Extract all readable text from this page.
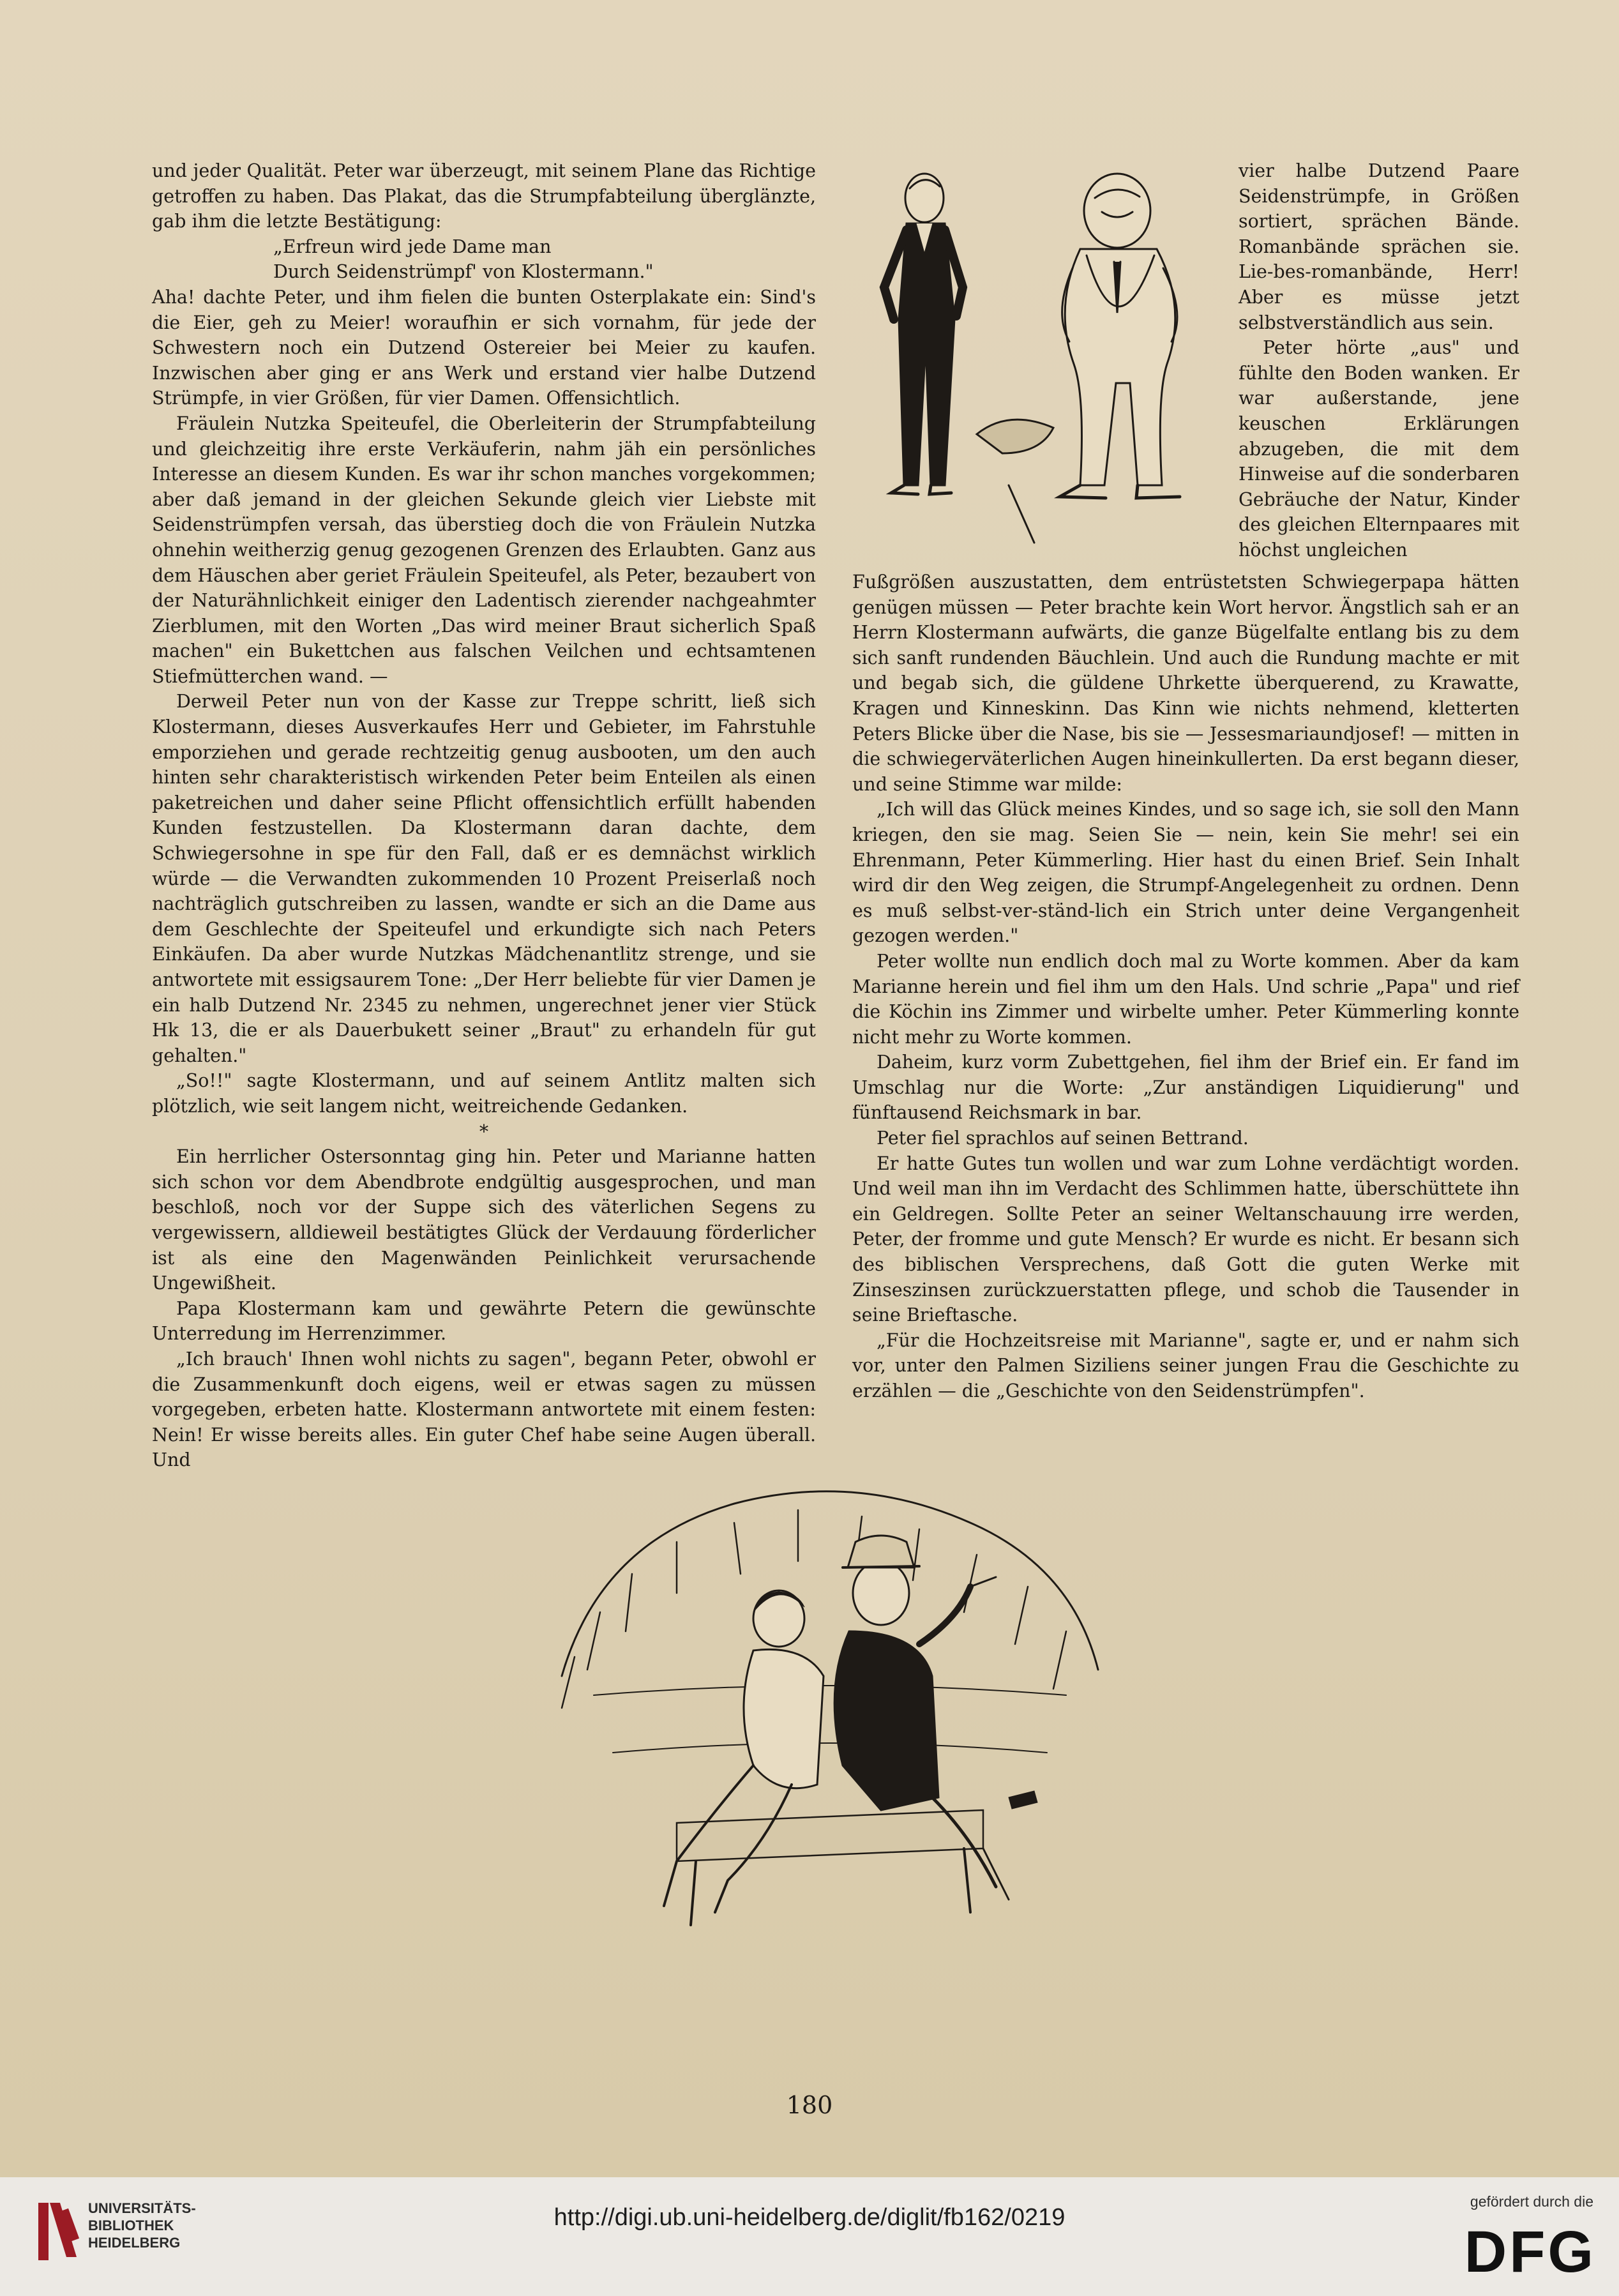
und jeder Qualität. Peter war überzeugt, mit seinem Plane das Richtige getroffen zu haben. Das Plakat, das die Strumpfabteilung überglänzte, gab ihm die letzte Bestätigung:

„Erfreun wird jede Dame man

Durch Seidenstrümpf' von Klostermann."

Aha! dachte Peter, und ihm fielen die bunten Osterplakate ein: Sind's die Eier, geh zu Meier! woraufhin er sich vornahm, für jede der Schwestern noch ein Dutzend Ostereier bei Meier zu kaufen. Inzwischen aber ging er ans Werk und erstand vier halbe Dutzend Strümpfe, in vier Größen, für vier Damen. Offensichtlich.

Fräulein Nutzka Speiteufel, die Oberleiterin der Strumpfabteilung und gleichzeitig ihre erste Verkäuferin, nahm jäh ein persönliches Interesse an diesem Kunden. Es war ihr schon manches vorgekommen; aber daß jemand in der gleichen Sekunde gleich vier Liebste mit Seidenstrümpfen versah, das überstieg doch die von Fräulein Nutzka ohnehin weitherzig genug gezogenen Grenzen des Erlaubten. Ganz aus dem Häuschen aber geriet Fräulein Speiteufel, als Peter, bezaubert von der Naturähnlichkeit einiger den Ladentisch zierender nachgeahmter Zierblumen, mit den Worten „Das wird meiner Braut sicherlich Spaß machen" ein Bukettchen aus falschen Veilchen und echtsamtenen Stiefmütterchen wand. —

Derweil Peter nun von der Kasse zur Treppe schritt, ließ sich Klostermann, dieses Ausverkaufes Herr und Gebieter, im Fahrstuhle emporziehen und gerade rechtzeitig genug ausbooten, um den auch hinten sehr charakteristisch wirkenden Peter beim Enteilen als einen paketreichen und daher seine Pflicht offensichtlich erfüllt habenden Kunden festzustellen. Da Klostermann daran dachte, dem Schwiegersohne in spe für den Fall, daß er es demnächst wirklich würde — die Verwandten zukommenden 10 Prozent Preiserlaß noch nachträglich gutschreiben zu lassen, wandte er sich an die Dame aus dem Geschlechte der Speiteufel und erkundigte sich nach Peters Einkäufen. Da aber wurde Nutzkas Mädchenantlitz strenge, und sie antwortete mit essigsaurem Tone: „Der Herr beliebte für vier Damen je ein halb Dutzend Nr. 2345 zu nehmen, ungerechnet jener vier Stück Hk 13, die er als Dauerbukett seiner „Braut" zu erhandeln für gut gehalten."

„So!!" sagte Klostermann, und auf seinem Antlitz malten sich plötzlich, wie seit langem nicht, weitreichende Gedanken.

*

Ein herrlicher Ostersonntag ging hin. Peter und Marianne hatten sich schon vor dem Abendbrote endgültig ausgesprochen, und man beschloß, noch vor der Suppe sich des väterlichen Segens zu vergewissern, alldieweil bestätigtes Glück der Verdauung förderlicher ist als eine den Magenwänden Peinlichkeit verursachende Ungewißheit.

Papa Klostermann kam und gewährte Petern die gewünschte Unterredung im Herrenzimmer.

„Ich brauch' Ihnen wohl nichts zu sagen", begann Peter, obwohl er die Zusammenkunft doch eigens, weil er etwas sagen zu müssen vorgegeben, erbeten hatte. Klostermann antwortete mit einem festen: Nein! Er wisse bereits alles. Ein guter Chef habe seine Augen überall. Und

vier halbe Dutzend Paare Seidenstrümpfe, in Größen sortiert, sprächen Bände. Romanbände sprächen sie. Lie-bes-romanbände, Herr! Aber es müsse jetzt selbstverständlich aus sein.

Peter hörte „aus" und fühlte den Boden wanken. Er war außerstande, jene keuschen Erklärungen abzugeben, die mit dem Hinweise auf die sonderbaren Gebräuche der Natur, Kinder des gleichen Elternpaares mit höchst ungleichen

Fußgrößen auszustatten, dem entrüstetsten Schwiegerpapa hätten genügen müssen — Peter brachte kein Wort hervor. Ängstlich sah er an Herrn Klostermann aufwärts, die ganze Bügelfalte entlang bis zu dem sich sanft rundenden Bäuchlein. Und auch die Rundung machte er mit und begab sich, die güldene Uhrkette überquerend, zu Krawatte, Kragen und Kinneskinn. Das Kinn wie nichts nehmend, kletterten Peters Blicke über die Nase, bis sie — Jessesmariaundjosef! — mitten in die schwiegerväterlichen Augen hineinkullerten. Da erst begann dieser, und seine Stimme war milde:

„Ich will das Glück meines Kindes, und so sage ich, sie soll den Mann kriegen, den sie mag. Seien Sie — nein, kein Sie mehr! sei ein Ehrenmann, Peter Kümmerling. Hier hast du einen Brief. Sein Inhalt wird dir den Weg zeigen, die Strumpf-Angelegenheit zu ordnen. Denn es muß selbst-ver-ständ-lich ein Strich unter deine Vergangenheit gezogen werden."

Peter wollte nun endlich doch mal zu Worte kommen. Aber da kam Marianne herein und fiel ihm um den Hals. Und schrie „Papa" und rief die Köchin ins Zimmer und wirbelte umher. Peter Kümmerling konnte nicht mehr zu Worte kommen.

Daheim, kurz vorm Zubettgehen, fiel ihm der Brief ein. Er fand im Umschlag nur die Worte: „Zur anständigen Liquidierung" und fünftausend Reichsmark in bar.

Peter fiel sprachlos auf seinen Bettrand.

Er hatte Gutes tun wollen und war zum Lohne verdächtigt worden. Und weil man ihn im Verdacht des Schlimmen hatte, überschüttete ihn ein Geldregen. Sollte Peter an seiner Weltanschauung irre werden, Peter, der fromme und gute Mensch? Er wurde es nicht. Er besann sich des biblischen Versprechens, daß Gott die guten Werke mit Zinseszinsen zurückzuerstatten pflege, und schob die Tausender in seine Brieftasche.

„Für die Hochzeitsreise mit Marianne", sagte er, und er nahm sich vor, unter den Palmen Siziliens seiner jungen Frau die Geschichte zu erzählen — die „Geschichte von den Seidenstrümpfen".

180
UNIVERSITÄTS-
BIBLIOTHEK
HEIDELBERG
http://digi.ub.uni-heidelberg.de/diglit/fb162/0219
gefördert durch die
DFG
